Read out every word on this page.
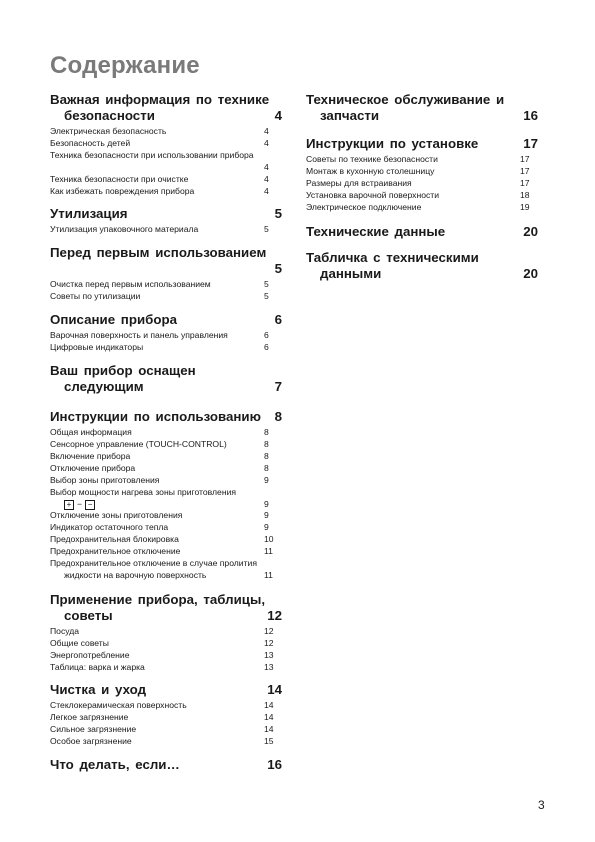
Содержание
Важная информация по технике
безопасности	4
Электрическая безопасность	4
Безопасность детей	4
Техника безопасности при использовании прибора
4
Техника безопасности при очистке	4
Как избежать повреждения прибора	4
Утилизация	5
Утилизация упаковочного материала	5
Перед первым использованием
5
Очистка перед первым использованием	5
Советы по утилизации	5
Описание прибора	6
Варочная поверхность и панель управления	6
Цифровые индикаторы	6
Ваш прибор оснащен
следующим	7
Инструкции по использованию	8
Общая информация	8
Сенсорное управление (TOUCH-CONTROL)	8
Включение прибора	8
Отключение прибора	8
Выбор зоны приготовления	9
Выбор мощности нагрева зоны приготовления
+ − −	9
Отключение зоны приготовления	9
Индикатор остаточного тепла	9
Предохранительная блокировка	10
Предохранительное отключение	11
Предохранительное отключение в случае пролития
жидкости на варочную поверхность	11
Применение прибора, таблицы,
советы	12
Посуда	12
Общие советы	12
Энергопотребление	13
Таблица: варка и жарка	13
Чистка и уход	14
Стеклокерамическая поверхность	14
Легкое загрязнение	14
Сильное загрязнение	14
Особое загрязнение	15
Что делать, если…	16
Техническое обслуживание и
запчасти	16
Инструкции по установке	17
Советы по технике безопасности	17
Монтаж в кухонную столешницу	17
Размеры для встраивания	17
Установка варочной поверхности	18
Электрическое подключение	19
Технические данные	20
Табличка с техническими
данными	20
3
